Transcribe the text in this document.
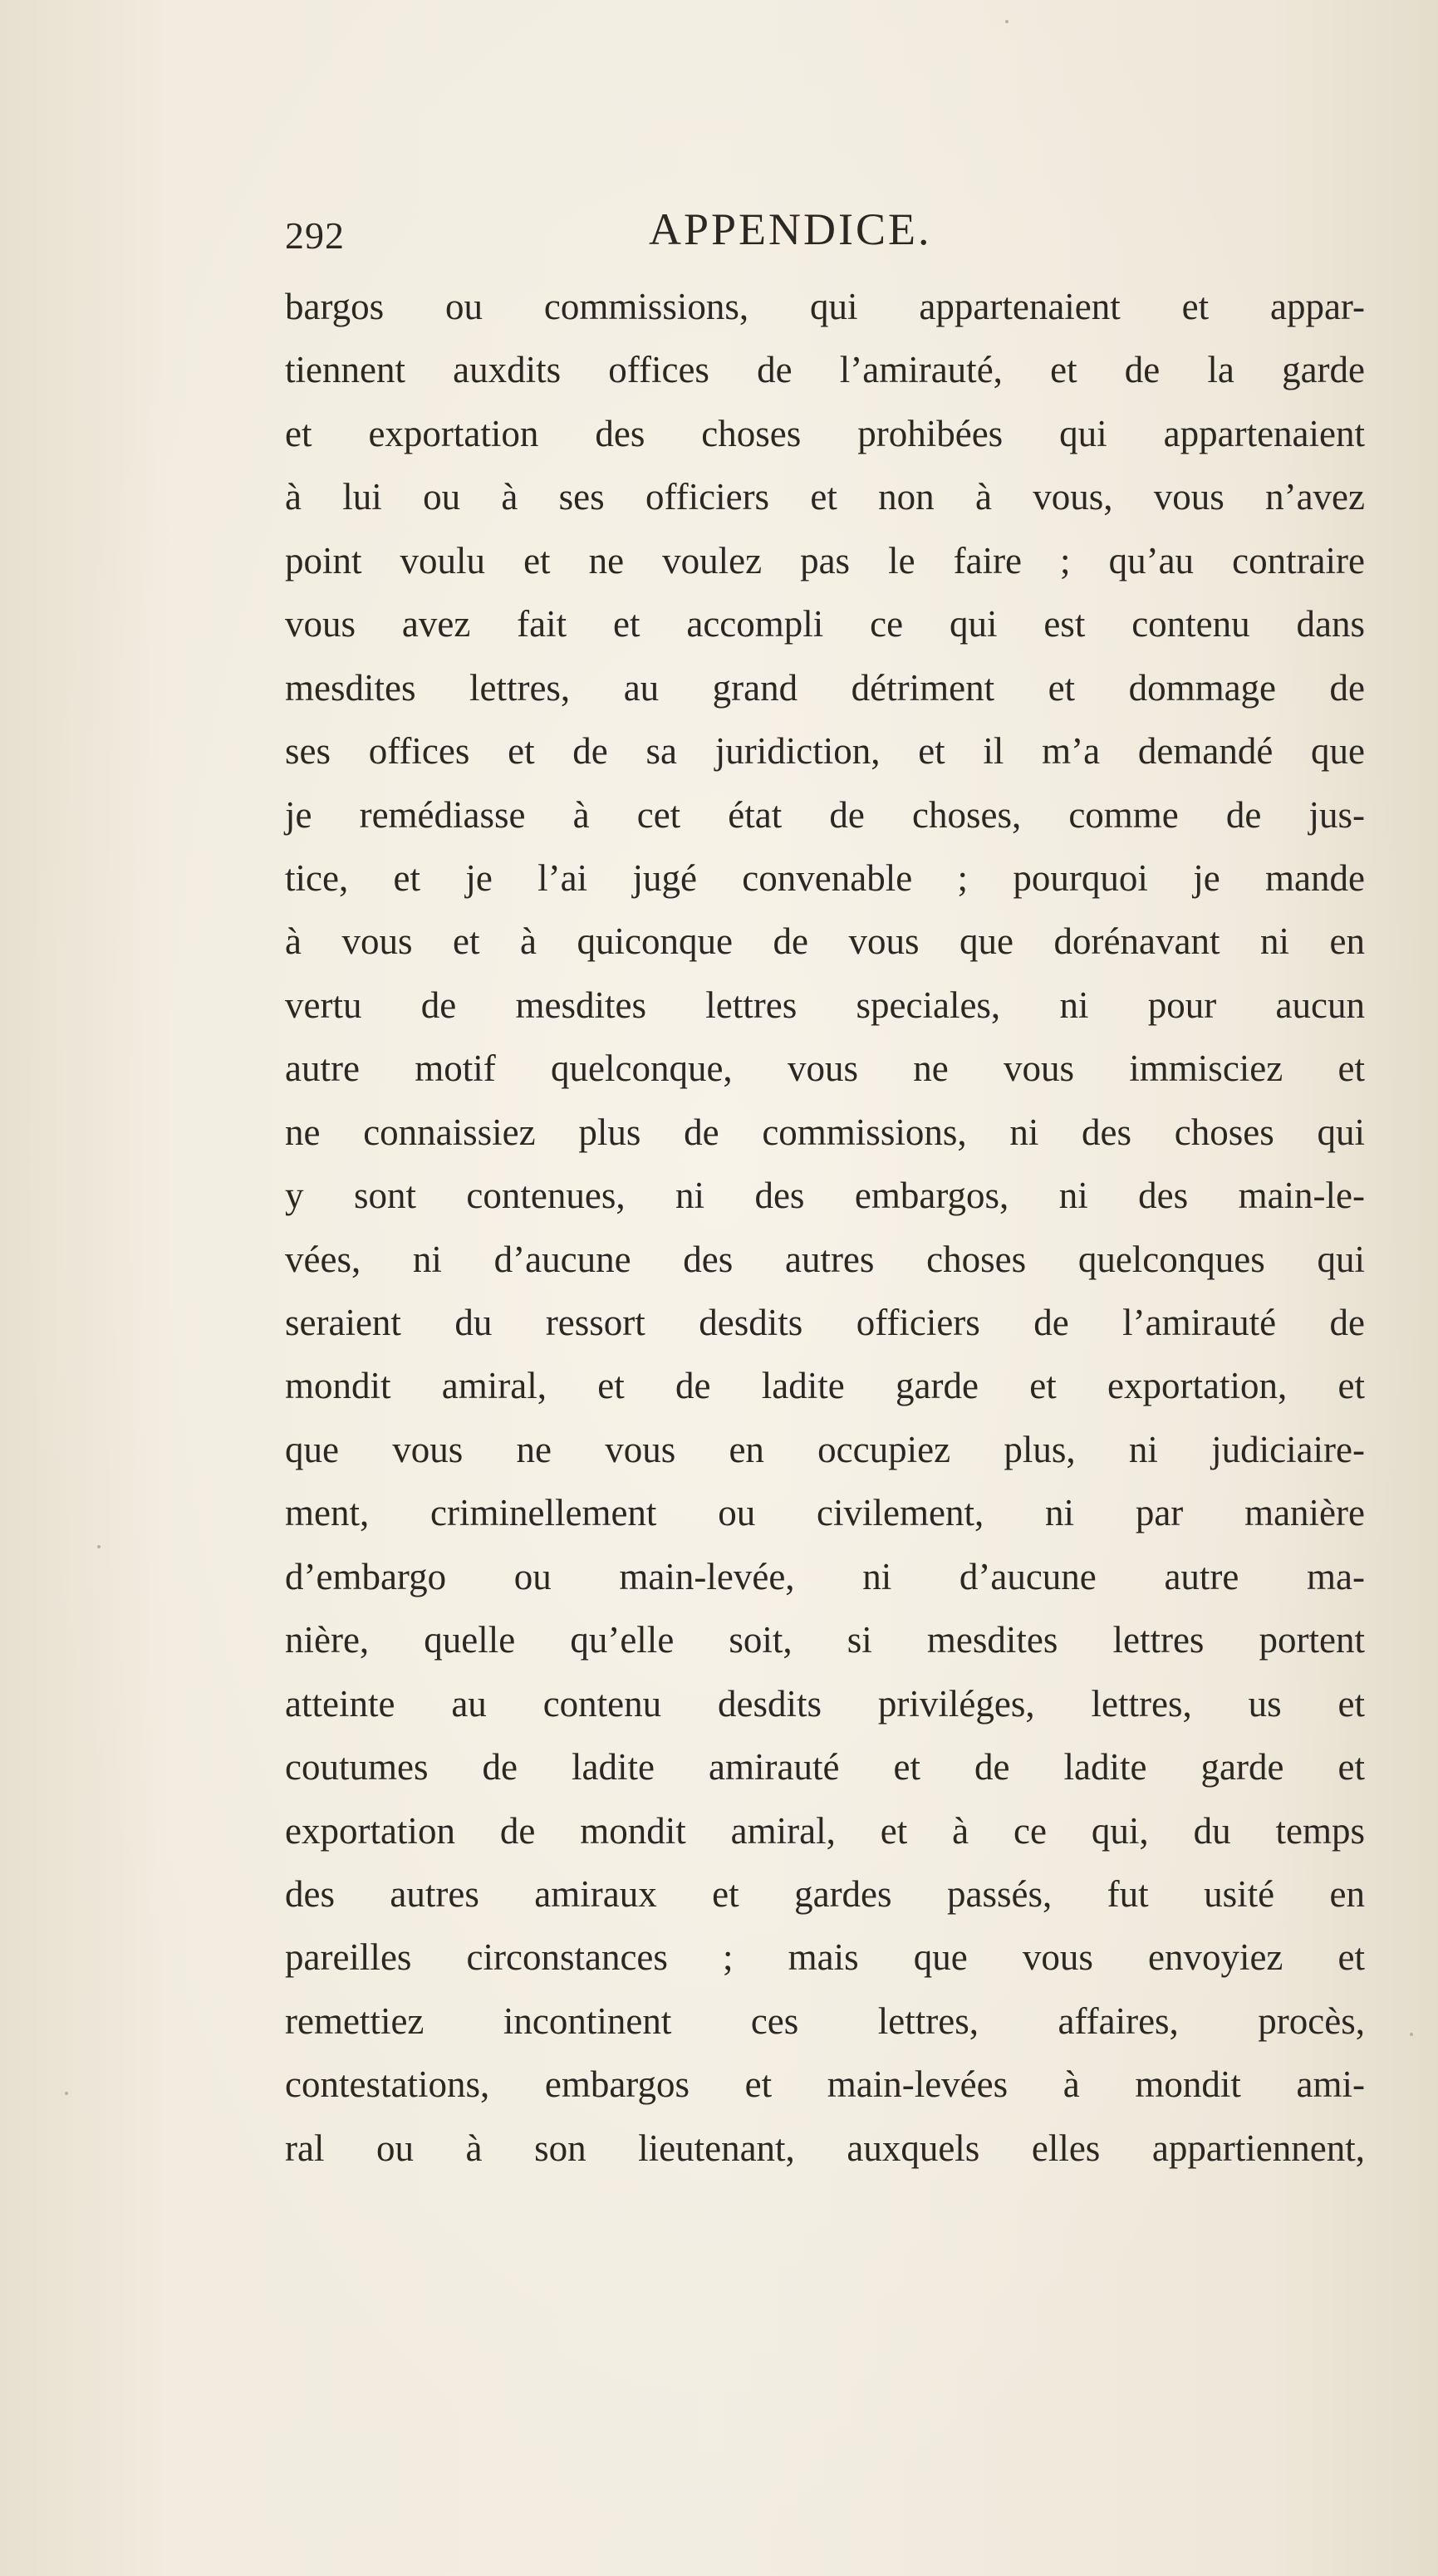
292	APPENDICE.
bargos ou commissions, qui appartenaient et appar-
tiennent auxdits offices de l’amirauté, et de la garde
et exportation des choses prohibées qui appartenaient
à lui ou à ses officiers et non à vous, vous n’avez
point voulu et ne voulez pas le faire ; qu’au contraire
vous avez fait et accompli ce qui est contenu dans
mesdites lettres, au grand détriment et dommage de
ses offices et de sa juridiction, et il m’a demandé que
je remédiasse à cet état de choses, comme de jus-
tice, et je l’ai jugé convenable ; pourquoi je mande
à vous et à quiconque de vous que dorénavant ni en
vertu de mesdites lettres speciales, ni pour aucun
autre motif quelconque, vous ne vous immisciez et
ne connaissiez plus de commissions, ni des choses qui
y sont contenues, ni des embargos, ni des main-le-
vées, ni d’aucune des autres choses quelconques qui
seraient du ressort desdits officiers de l’amirauté de
mondit amiral, et de ladite garde et exportation, et
que vous ne vous en occupiez plus, ni judiciaire-
ment, criminellement ou civilement, ni par manière
d’embargo ou main-levée, ni d’aucune autre ma-
nière, quelle qu’elle soit, si mesdites lettres portent
atteinte au contenu desdits priviléges, lettres, us et
coutumes de ladite amirauté et de ladite garde et
exportation de mondit amiral, et à ce qui, du temps
des autres amiraux et gardes passés, fut usité en
pareilles circonstances ; mais que vous envoyiez et
remettiez incontinent ces lettres, affaires, procès,
contestations, embargos et main-levées à mondit ami-
ral ou à son lieutenant, auxquels elles appartiennent,
